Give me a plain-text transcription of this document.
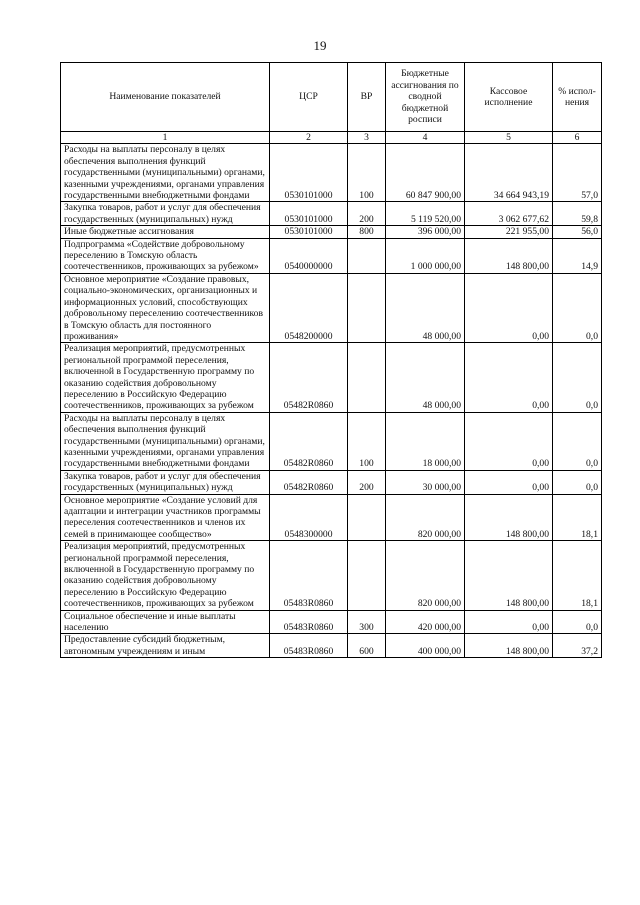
19
Наименование показателей	ЦСР	ВР	Бюджетные ассигнования по сводной бюджетной росписи	Кассовое исполнение	% испол-нения
1	2	3	4	5	6
Расходы на выплаты персоналу в целях обеспечения выполнения функций государственными (муниципальными) органами, казенными учреждениями, органами управления государственными внебюджетными фондами	0530101000	100	60 847 900,00	34 664 943,19	57,0
Закупка товаров, работ и услуг для обеспечения государственных (муниципальных) нужд	0530101000	200	5 119 520,00	3 062 677,62	59,8
Иные бюджетные ассигнования	0530101000	800	396 000,00	221 955,00	56,0
Подпрограмма «Содействие добровольному переселению в Томскую область соотечественников, проживающих за рубежом»	0540000000		1 000 000,00	148 800,00	14,9
Основное мероприятие «Создание правовых, социально-экономических, организационных и информационных условий, способствующих добровольному переселению соотечественников в Томскую область для постоянного проживания»	0548200000		48 000,00	0,00	0,0
Реализация мероприятий, предусмотренных региональной программой переселения, включенной в Государственную программу по оказанию содействия добровольному переселению в Российскую Федерацию соотечественников, проживающих за рубежом	05482R0860		48 000,00	0,00	0,0
Расходы на выплаты персоналу в целях обеспечения выполнения функций государственными (муниципальными) органами, казенными учреждениями, органами управления государственными внебюджетными фондами	05482R0860	100	18 000,00	0,00	0,0
Закупка товаров, работ и услуг для обеспечения государственных (муниципальных) нужд	05482R0860	200	30 000,00	0,00	0,0
Основное мероприятие «Создание условий для адаптации и интеграции участников программы переселения соотечественников и членов их семей в принимающее сообщество»	0548300000		820 000,00	148 800,00	18,1
Реализация мероприятий, предусмотренных региональной программой переселения, включенной в Государственную программу по оказанию содействия добровольному переселению в Российскую Федерацию соотечественников, проживающих за рубежом	05483R0860		820 000,00	148 800,00	18,1
Социальное обеспечение и иные выплаты населению	05483R0860	300	420 000,00	0,00	0,0
Предоставление субсидий бюджетным, автономным учреждениям и иным	05483R0860	600	400 000,00	148 800,00	37,2
